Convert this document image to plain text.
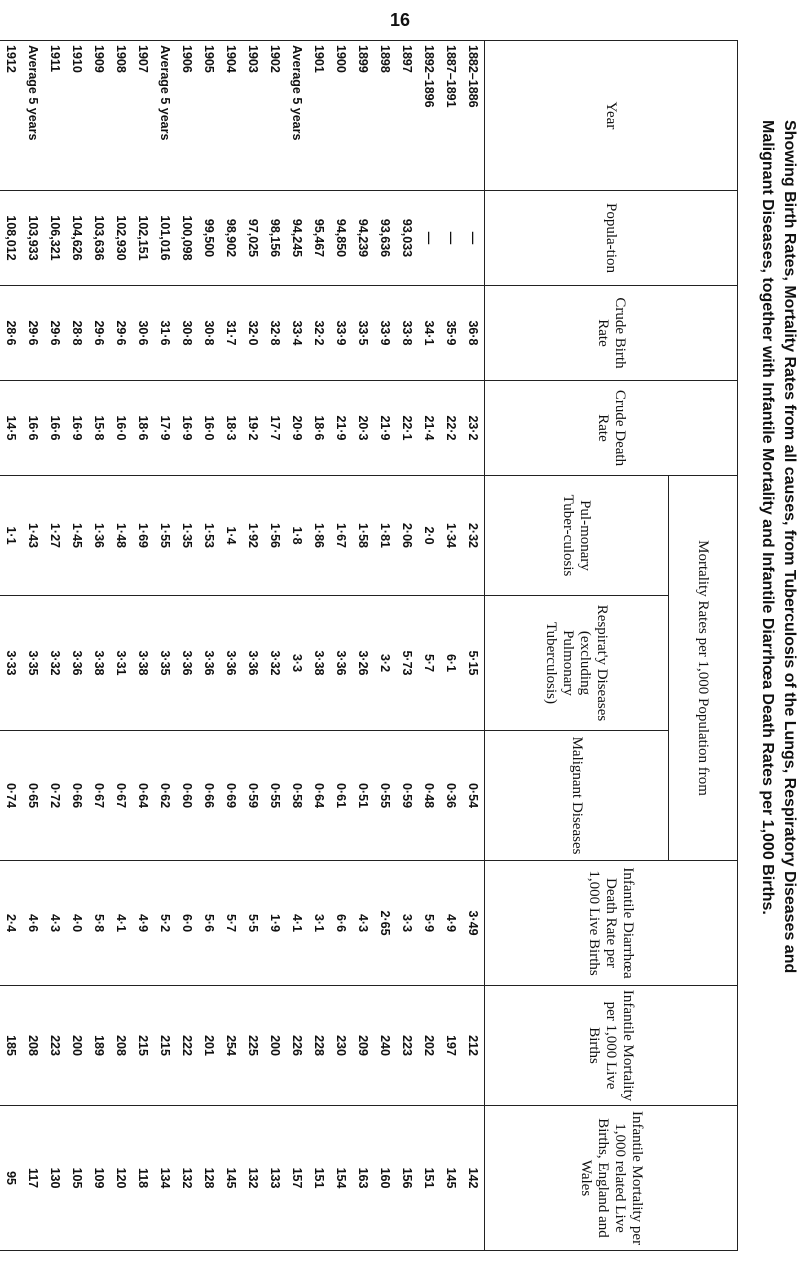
16
Showing Birth Rates, Mortality Rates from all causes, from Tuberculosis of the Lungs, Respiratory Diseases and
Malignant Diseases, together with Infantile Mortality and Infantile Diarrhœa Death Rates per 1,000 Births.
Year	Popula-tion	Crude Birth Rate	Crude Death Rate	Mortality Rates per 1,000 Population from			Infantile Diarrhœa Death Rate per 1,000 Live Births	Infantile Mortality per 1,000 Live Births	Infantile Mortality per 1,000 related Live Births, England and Wales
				Pul-monary Tuber-culosis	Respirat'y Diseases (excluding Pulmonary Tuberculosis)	Malignant Diseases			
1882–1886	—	36·8	23·2	2·32	5·15	0·54	3·49	212	142
1887–1891	—	35·9	22·2	1·34	6·1	0·36	4·9	197	145
1892–1896	—	34·1	21·4	2·0	5·7	0·48	5·9	202	151
1897	93,033	33·8	22·1	2·06	5·73	0·59	3·3	223	156
1898	93,636	33·9	21·9	1·81	3·2	0·55	2·65	240	160
1899	94,239	33·5	20·3	1·58	3·26	0·51	4·3	209	163
1900	94,850	33·9	21·9	1·67	3·36	0·61	6·6	230	154
1901	95,467	32·2	18·6	1·86	3·38	0·64	3·1	228	151
Average 5 years	94,245	33·4	20·9	1·8	3·3	0·58	4·1	226	157
1902	98,156	32·8	17·7	1·56	3·32	0·55	1·9	200	133
1903	97,025	32·0	19·2	1·92	3·36	0·59	5·5	225	132
1904	98,902	31·7	18·3	1·4	3·36	0·69	5·7	254	145
1905	99,500	30·8	16·0	1·53	3·36	0·66	5·6	201	128
1906	100,098	30·8	16·9	1·35	3·36	0·60	6·0	222	132
Average 5 years	101,016	31·6	17·9	1·55	3·35	0·62	5·2	215	134
1907	102,151	30·6	18·6	1·69	3·38	0·64	4·9	215	118
1908	102,930	29·6	16·0	1·48	3·31	0·67	4·1	208	120
1909	103,636	29·6	15·8	1·36	3·38	0·67	5·8	189	109
1910	104,626	28·8	16·9	1·45	3·36	0·66	4·0	200	105
1911	106,321	29·6	16·6	1·27	3·32	0·72	4·3	223	130
Average 5 years	103,933	29·6	16·6	1·43	3·35	0·65	4·6	208	117
1912	108,012	28·6	14·5	1·1	3·33	0·74	2·4	185	95
